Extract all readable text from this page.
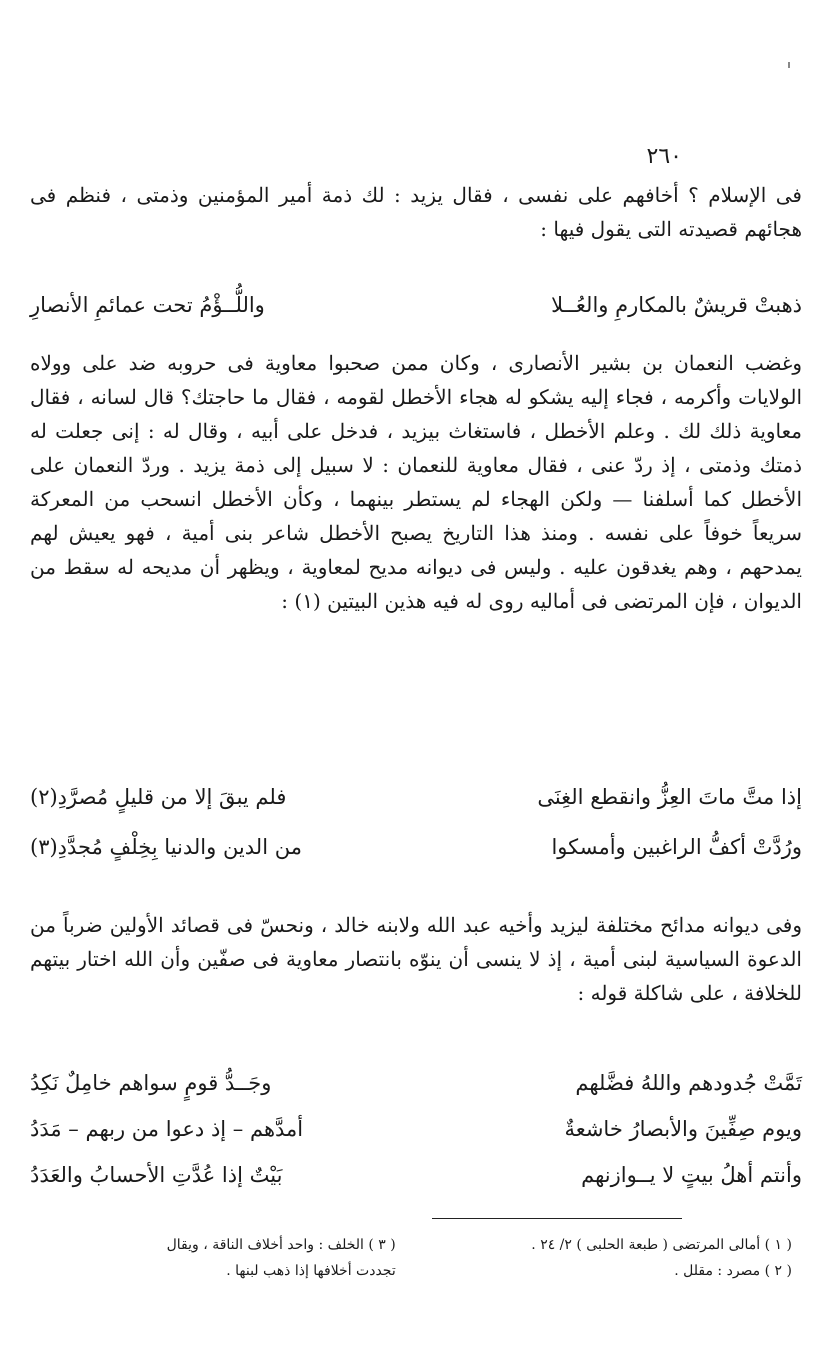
٢٦٠

فى الإسلام ؟ أخافهم على نفسى ، فقال يزيد : لك ذمة أمير المؤمنين وذمتى ، فنظم فى هجائهم قصيدته التى يقول فيها :

ذهبتْ قريشٌ بالمكارمِ والعُــلا
واللُّــؤْمُ تحت عمائمِ الأنصارِ

وغضب النعمان بن بشير الأنصارى ، وكان ممن صحبوا معاوية فى حروبه ضد على وولاه الولايات وأكرمه ، فجاء إليه يشكو له هجاء الأخطل لقومه ، فقال ما حاجتك؟ قال لسانه ، فقال معاوية ذلك لك . وعلم الأخطل ، فاستغاث بيزيد ، فدخل على أبيه ، وقال له : إنى جعلت له ذمتك وذمتى ، إذ ردّ عنى ، فقال معاوية للنعمان : لا سبيل إلى ذمة يزيد . وردّ النعمان على الأخطل كما أسلفنا — ولكن الهجاء لم يستطر بينهما ، وكأن الأخطل انسحب من المعركة سريعاً خوفاً على نفسه . ومنذ هذا التاريخ يصبح الأخطل شاعر بنى أمية ، فهو يعيش لهم يمدحهم ، وهم يغدقون عليه . وليس فى ديوانه مديح لمعاوية ، ويظهر أن مديحه له سقط من الديوان ، فإن المرتضى فى أماليه روى له فيه هذين البيتين (١) :

إذا متَّ ماتَ العِزُّ وانقطع الغِنَى
فلم يبقَ إلا من قليلٍ مُصرَّدِ(٢)
ورُدَّتْ أكفُّ الراغبين وأمسكوا
من الدين والدنيا بِخِلْفٍ مُجدَّدِ(٣)

وفى ديوانه مدائح مختلفة ليزيد وأخيه عبد الله ولابنه خالد ، ونحسّ فى قصائد الأولين ضرباً من الدعوة السياسية لبنى أمية ، إذ لا ينسى أن ينوّه بانتصار معاوية فى صفّين وأن الله اختار بيتهم للخلافة ، على شاكلة قوله :

تَمَّتْ جُدودهم واللهُ فضَّلهم
وجَــدُّ قومٍ سواهم خامِلٌ نَكِدُ
ويوم صِفِّينَ والأبصارُ خاشعةٌ
أمدَّهم – إذ دعوا من ربهم – مَدَدُ
وأنتم أهلُ بيتٍ لا يــوازنهم
بَيْتٌ إذا عُدَّتِ الأحسابُ والعَدَدُ
( ١ ) أمالى المرتضى ( طبعة الحلبى ) ٢/ ٢٤ .
( ٢ ) مصرد : مقلل .
( ٣ ) الخلف : واحد أخلاف الناقة ، ويقال
تجددت أخلافها إذا ذهب لبنها .
